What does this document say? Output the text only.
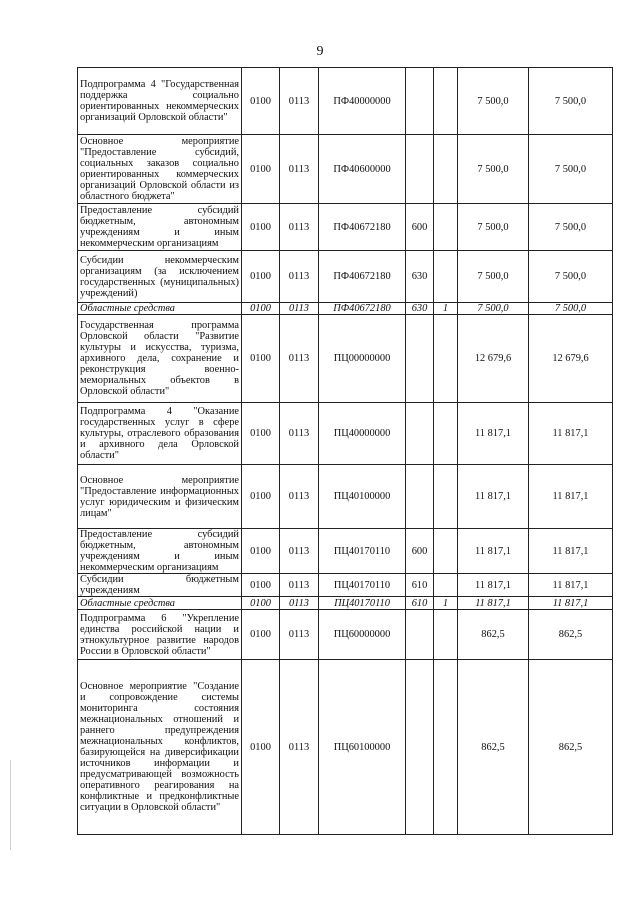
9
Подпрограмма 4 "Государственная поддержка социально ориентированных некоммерческих организаций Орловской области"	0100	0113	ПФ40000000			7 500,0	7 500,0
Основное мероприятие "Предоставление субсидий, социальных заказов социально ориентированных коммерческих организаций Орловской области из областного бюджета"	0100	0113	ПФ40600000			7 500,0	7 500,0
Предоставление субсидий бюджетным, автономным учреждениям и иным некоммерческим организациям	0100	0113	ПФ40672180	600		7 500,0	7 500,0
Субсидии некоммерческим организациям (за исключением государственных (муниципальных) учреждений)	0100	0113	ПФ40672180	630		7 500,0	7 500,0
Областные средства	0100	0113	ПФ40672180	630	1	7 500,0	7 500,0
Государственная программа Орловской области "Развитие культуры и искусства, туризма, архивного дела, сохранение и реконструкция военно-мемориальных объектов в Орловской области"	0100	0113	ПЦ00000000			12 679,6	12 679,6
Подпрограмма 4 "Оказание государственных услуг в сфере культуры, отраслевого образования и архивного дела Орловской области"	0100	0113	ПЦ40000000			11 817,1	11 817,1
Основное мероприятие "Предоставление информационных услуг юридическим и физическим лицам"	0100	0113	ПЦ40100000			11 817,1	11 817,1
Предоставление субсидий бюджетным, автономным учреждениям и иным некоммерческим организациям	0100	0113	ПЦ40170110	600		11 817,1	11 817,1
Субсидии бюджетным учреждениям	0100	0113	ПЦ40170110	610		11 817,1	11 817,1
Областные средства	0100	0113	ПЦ40170110	610	1	11 817,1	11 817,1
Подпрограмма 6 "Укрепление единства российской нации и этнокультурное развитие народов России в Орловской области"	0100	0113	ПЦ60000000			862,5	862,5
Основное мероприятие "Создание и сопровождение системы мониторинга состояния межнациональных отношений и раннего предупреждения межнациональных конфликтов, базирующейся на диверсификации источников информации и предусматривающей возможность оперативного реагирования на конфликтные и предконфликтные ситуации в Орловской области"	0100	0113	ПЦ60100000			862,5	862,5
